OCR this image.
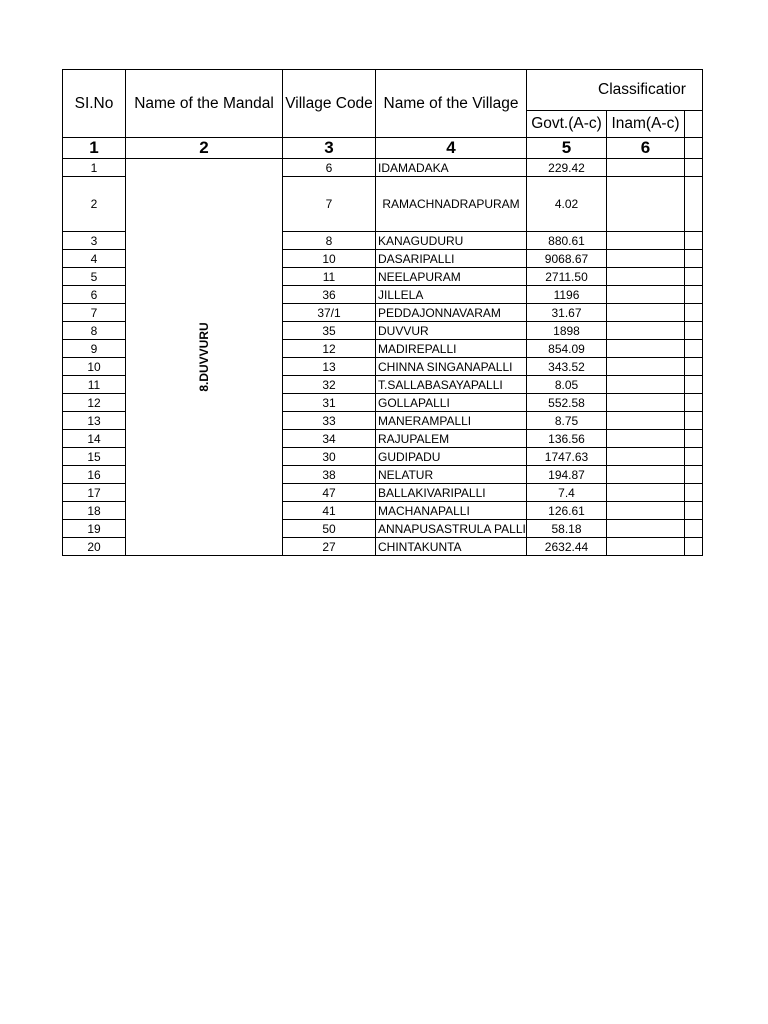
SI.No	Name of the Mandal	Village Code	Name of the Village	Classificatior		
				Govt.(A-c)	Inam(A-c)	
1	2	3	4	5	6	
1	8.DUVVURU	6	IDAMADAKA	229.42		
2		7	RAMACHNADRAPURAM	4.02		
3		8	KANAGUDURU	880.61		
4		10	DASARIPALLI	9068.67		
5		11	NEELAPURAM	2711.50		
6		36	JILLELA	1196		
7		37/1	PEDDAJONNAVARAM	31.67		
8		35	DUVVUR	1898		
9		12	MADIREPALLI	854.09		
10		13	CHINNA SINGANAPALLI	343.52		
11		32	T.SALLABASAYAPALLI	8.05		
12		31	GOLLAPALLI	552.58		
13		33	MANERAMPALLI	8.75		
14		34	RAJUPALEM	136.56		
15		30	GUDIPADU	1747.63		
16		38	NELATUR	194.87		
17		47	BALLAKIVARIPALLI	7.4		
18		41	MACHANAPALLI	126.61		
19		50	ANNAPUSASTRULA PALLI	58.18		
20		27	CHINTAKUNTA	2632.44		
